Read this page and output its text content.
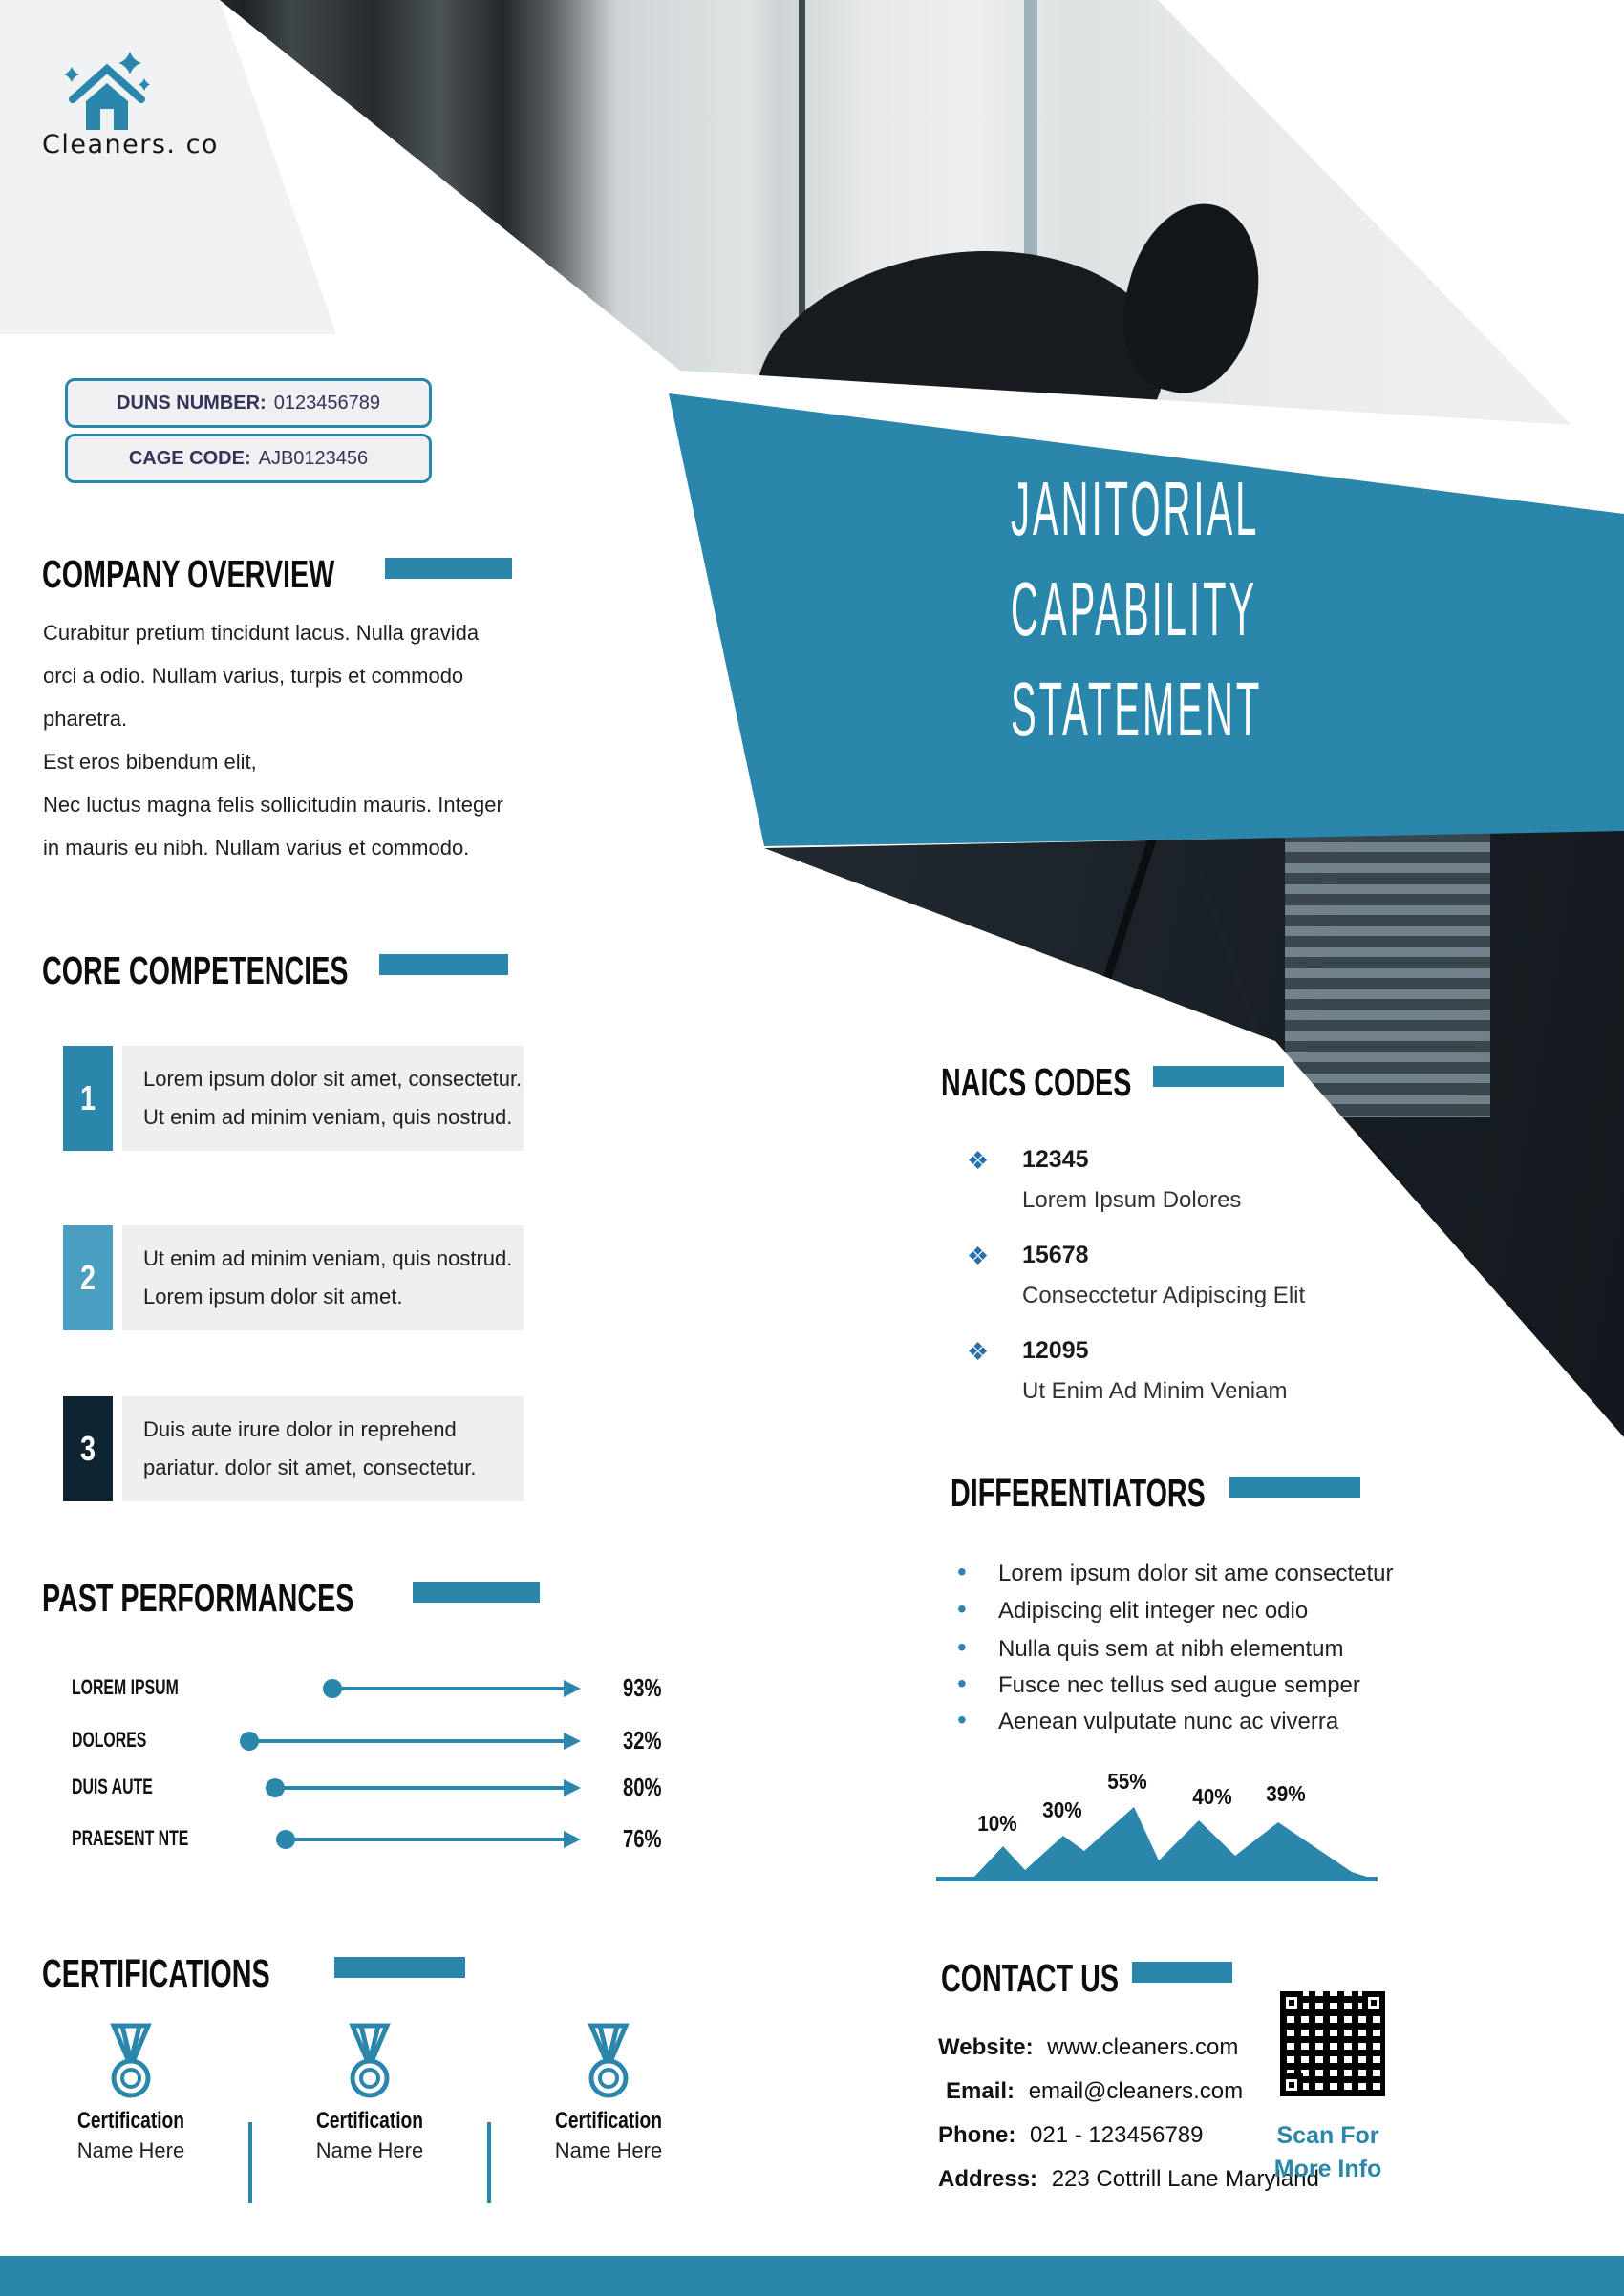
JANITORIAL
CAPABILITY
STATEMENT
Cleaners. co
DUNS NUMBER: 0123456789
CAGE CODE: AJB0123456
COMPANY OVERVIEW
Curabitur pretium tincidunt lacus. Nulla gravida
orci a odio. Nullam varius, turpis et commodo
pharetra.
Est eros bibendum elit,
Nec luctus magna felis sollicitudin mauris. Integer
in mauris eu nibh. Nullam varius et commodo.
CORE COMPETENCIES
1 Lorem ipsum dolor sit amet, consectetur.
Ut enim ad minim veniam, quis nostrud.
2 Ut enim ad minim veniam, quis nostrud.
Lorem ipsum dolor sit amet.
3 Duis aute irure dolor in reprehend
pariatur. dolor sit amet, consectetur.
PAST PERFORMANCES
LOREM IPSUM	93%
DOLORES	32%
DUIS AUTE	80%
PRAESENT NTE	76%
CERTIFICATIONS
Certification
Name Here
Certification
Name Here
Certification
Name Here
NAICS CODES
❖ 12345
Lorem Ipsum Dolores
❖ 15678
Consecctetur Adipiscing Elit
❖ 12095
Ut Enim Ad Minim Veniam
DIFFERENTIATORS
• Lorem ipsum dolor sit ame consectetur
• Adipiscing elit integer nec odio
• Nulla quis sem at nibh elementum
• Fusce nec tellus sed augue semper
• Aenean vulputate nunc ac viverra
10%
30%
55%
40%	39%
CONTACT US
Website: www.cleaners.com
Email: email@cleaners.com
Phone: 021 - 123456789
Address: 223 Cottrill Lane Maryland
Scan For
More Info
